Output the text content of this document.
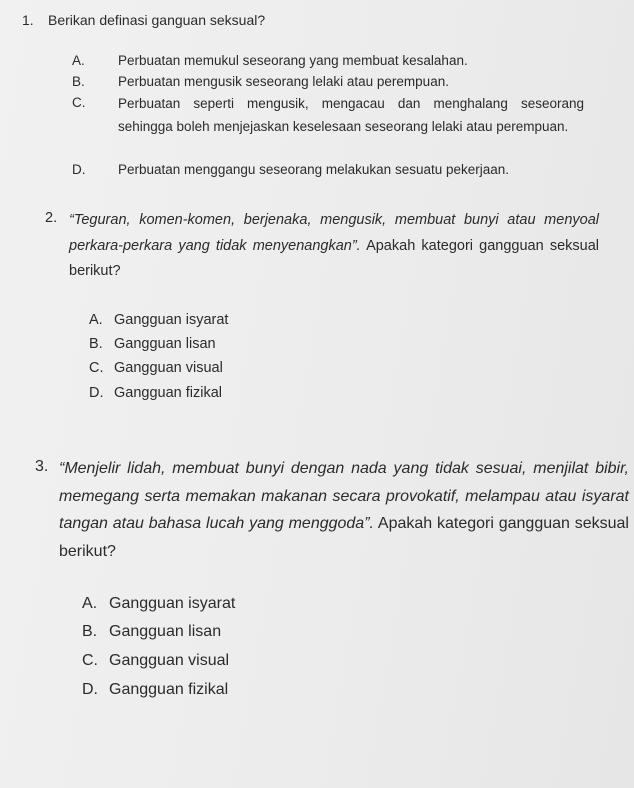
1. Berikan definasi ganguan seksual?
A. Perbuatan memukul seseorang yang membuat kesalahan.
B. Perbuatan mengusik seseorang lelaki atau perempuan.
C. Perbuatan seperti mengusik, mengacau dan menghalang seseorang sehingga boleh menjejaskan keselesaan seseorang lelaki atau perempuan.
D. Perbuatan menggangu seseorang melakukan sesuatu pekerjaan.
2. “Teguran, komen-komen, berjenaka, mengusik, membuat bunyi atau menyoal perkara-perkara yang tidak menyenangkan”. Apakah kategori gangguan seksual berikut?
A. Gangguan isyarat
B. Gangguan lisan
C. Gangguan visual
D. Gangguan fizikal
3. “Menjelir lidah, membuat bunyi dengan nada yang tidak sesuai, menjilat bibir, memegang serta memakan makanan secara provokatif, melampau atau isyarat tangan atau bahasa lucah yang menggoda”. Apakah kategori gangguan seksual berikut?
A. Gangguan isyarat
B. Gangguan lisan
C. Gangguan visual
D. Gangguan fizikal
